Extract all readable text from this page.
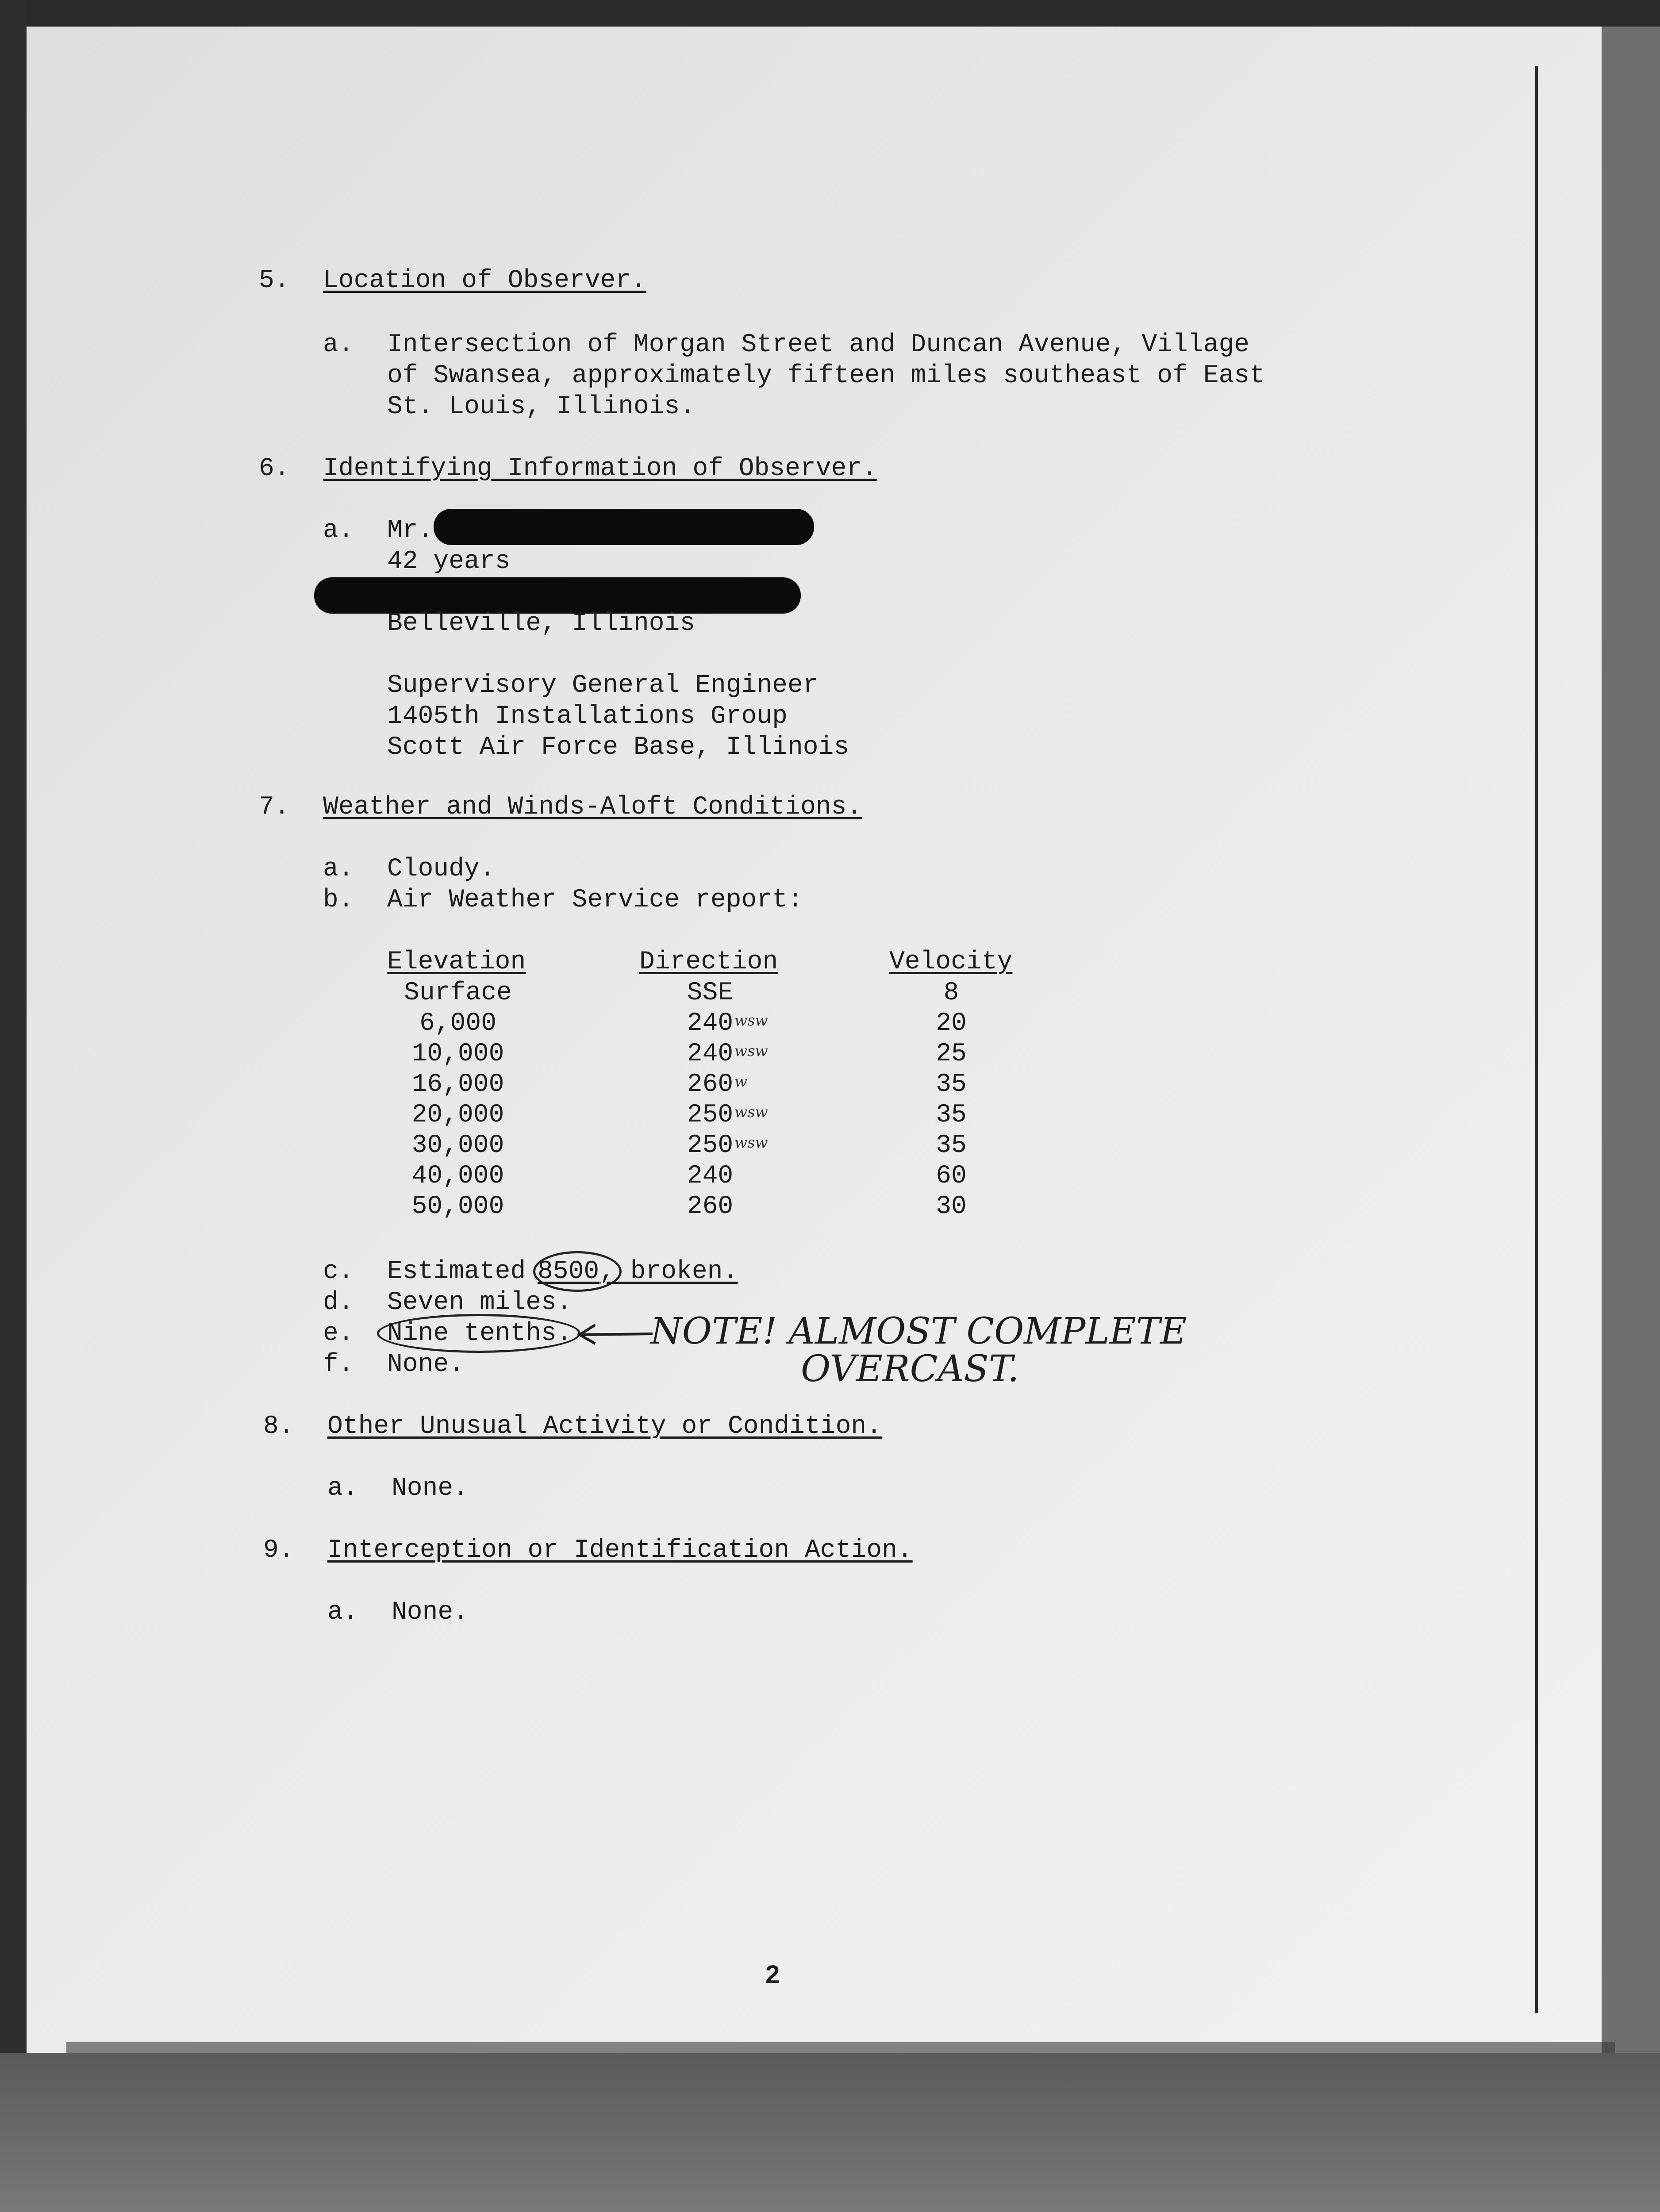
5. Location of Observer.
a. Intersection of Morgan Street and Duncan Avenue, Village
of Swansea, approximately fifteen miles southeast of East
St. Louis, Illinois.
6. Identifying Information of Observer.
a. Mr.
42 years
Belleville, Illinois
Supervisory General Engineer
1405th Installations Group
Scott Air Force Base, Illinois
7. Weather and Winds-Aloft Conditions.
a. Cloudy.
b. Air Weather Service report:
Elevation	Direction	Velocity
Surface	SSE	8
6,000	240	20
wsw
10,000	240	25
wsw
16,000	260	35
w
20,000	250	35
wsw
30,000	250	35
wsw
40,000	240	60
50,000	260	30
c. Estimated 8500 , broken.
d. Seven miles.
e. Nine tenths.
f. None.
NOTE! ALMOST COMPLETE
OVERCAST.
8. Other Unusual Activity or Condition.
a. None.
9. Interception or Identification Action.
a. None.
2
